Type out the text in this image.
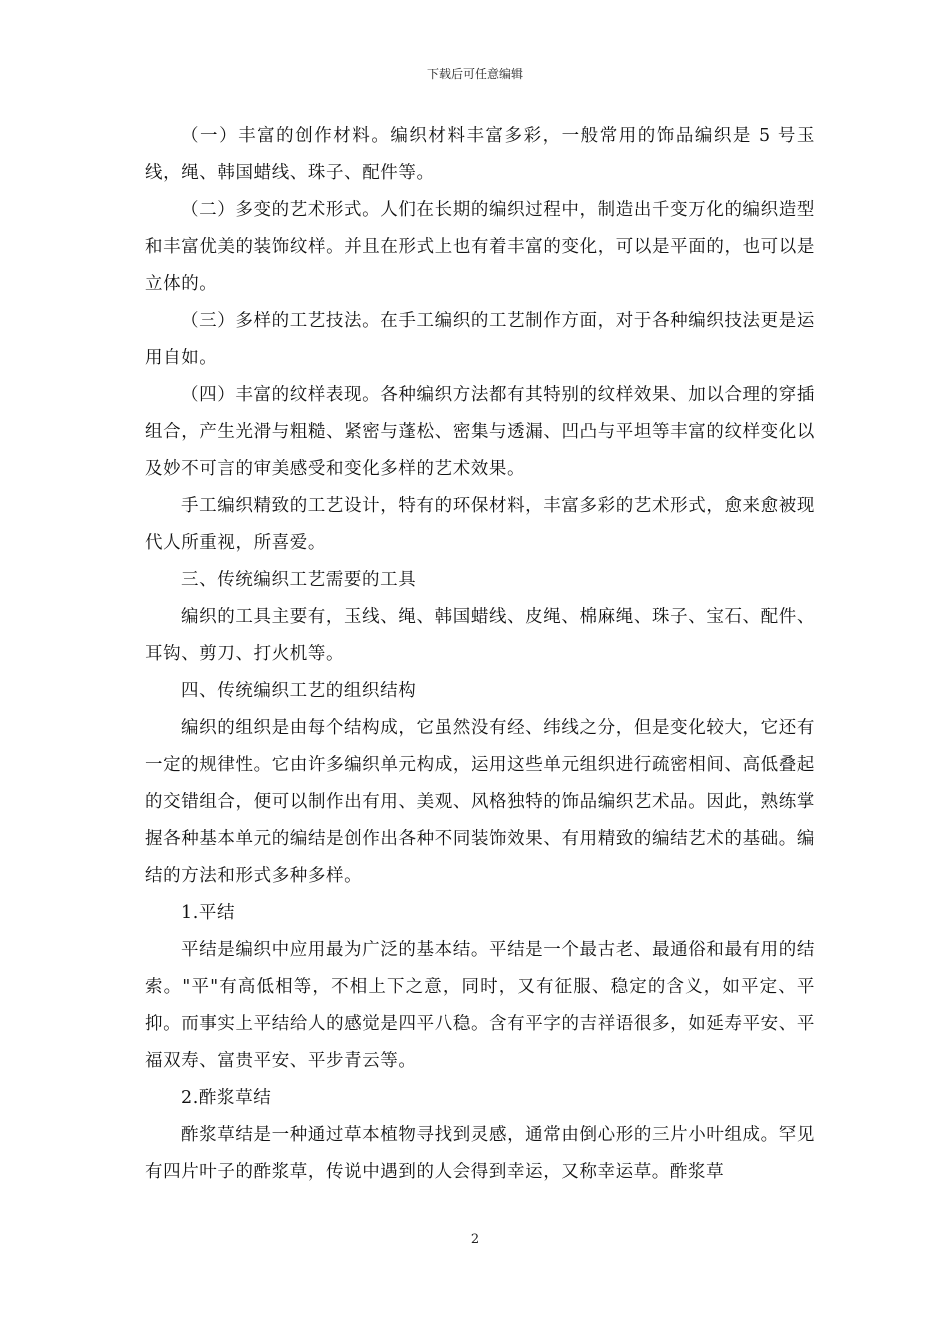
下载后可任意编辑

（一）丰富的创作材料。编织材料丰富多彩，一般常用的饰品编织是 5 号玉线，绳、韩国蜡线、珠子、配件等。

（二）多变的艺术形式。人们在长期的编织过程中，制造出千变万化的编织造型和丰富优美的装饰纹样。并且在形式上也有着丰富的变化，可以是平面的，也可以是立体的。

（三）多样的工艺技法。在手工编织的工艺制作方面，对于各种编织技法更是运用自如。

（四）丰富的纹样表现。各种编织方法都有其特别的纹样效果、加以合理的穿插组合，产生光滑与粗糙、紧密与蓬松、密集与透漏、凹凸与平坦等丰富的纹样变化以及妙不可言的审美感受和变化多样的艺术效果。

手工编织精致的工艺设计，特有的环保材料，丰富多彩的艺术形式，愈来愈被现代人所重视，所喜爱。

三、传统编织工艺需要的工具

编织的工具主要有，玉线、绳、韩国蜡线、皮绳、棉麻绳、珠子、宝石、配件、耳钩、剪刀、打火机等。

四、传统编织工艺的组织结构

编织的组织是由每个结构成，它虽然没有经、纬线之分，但是变化较大，它还有一定的规律性。它由许多编织单元构成，运用这些单元组织进行疏密相间、高低叠起的交错组合，便可以制作出有用、美观、风格独特的饰品编织艺术品。因此，熟练掌握各种基本单元的编结是创作出各种不同装饰效果、有用精致的编结艺术的基础。编结的方法和形式多种多样。

1.平结

平结是编织中应用最为广泛的基本结。平结是一个最古老、最通俗和最有用的结索。"平"有高低相等，不相上下之意，同时，又有征服、稳定的含义，如平定、平抑。而事实上平结给人的感觉是四平八稳。含有平字的吉祥语很多，如延寿平安、平福双寿、富贵平安、平步青云等。

2.酢浆草结

酢浆草结是一种通过草本植物寻找到灵感，通常由倒心形的三片小叶组成。罕见有四片叶子的酢浆草，传说中遇到的人会得到幸运，又称幸运草。酢浆草

2
